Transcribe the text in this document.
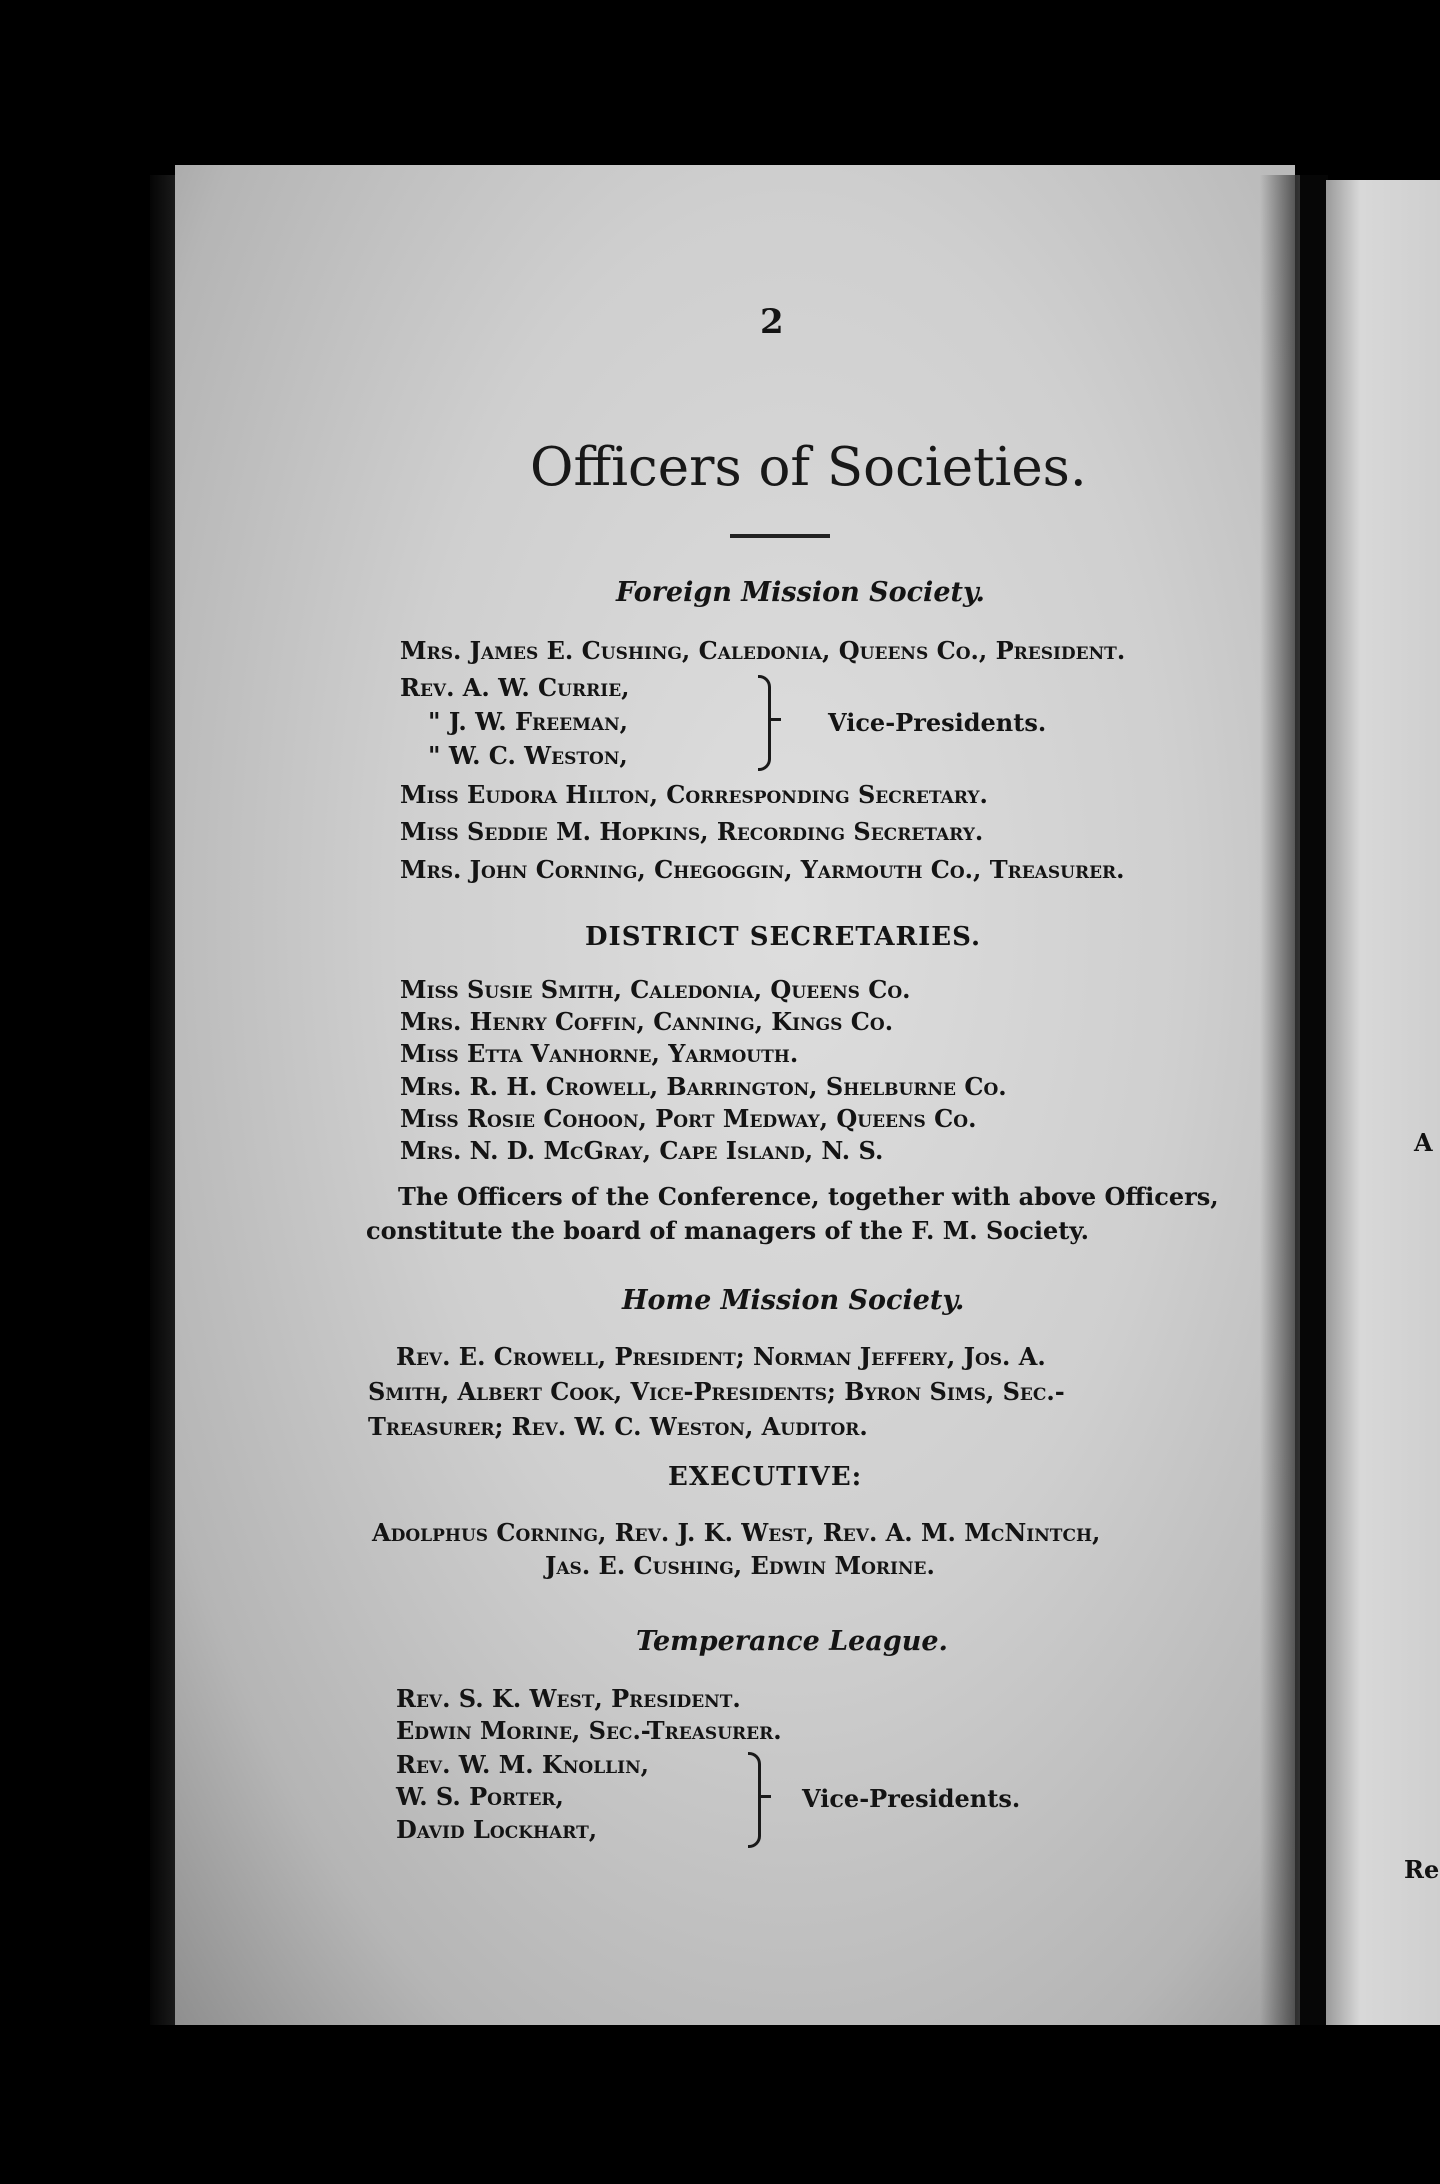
A
Re
2
Officers of Societies.
Foreign Mission Society.
Mrs. James E. Cushing, Caledonia, Queens Co., President.
Rev. A. W. Currie,
" J. W. Freeman,
" W. C. Weston,
Vice-Presidents.
Miss Eudora Hilton, Corresponding Secretary.
Miss Seddie M. Hopkins, Recording Secretary.
Mrs. John Corning, Chegoggin, Yarmouth Co., Treasurer.
DISTRICT SECRETARIES.
Miss Susie Smith, Caledonia, Queens Co.
Mrs. Henry Coffin, Canning, Kings Co.
Miss Etta Vanhorne, Yarmouth.
Mrs. R. H. Crowell, Barrington, Shelburne Co.
Miss Rosie Cohoon, Port Medway, Queens Co.
Mrs. N. D. McGray, Cape Island, N. S.
The Officers of the Conference, together with above Officers,
constitute the board of managers of the F. M. Society.
Home Mission Society.
Rev. E. Crowell, President; Norman Jeffery, Jos. A.
Smith, Albert Cook, Vice-Presidents; Byron Sims, Sec.-
Treasurer; Rev. W. C. Weston, Auditor.
EXECUTIVE:
Adolphus Corning, Rev. J. K. West, Rev. A. M. McNintch,
Jas. E. Cushing, Edwin Morine.
Temperance League.
Rev. S. K. West, President.
Edwin Morine, Sec.-Treasurer.
Rev. W. M. Knollin,
W. S. Porter,
David Lockhart,
Vice-Presidents.
